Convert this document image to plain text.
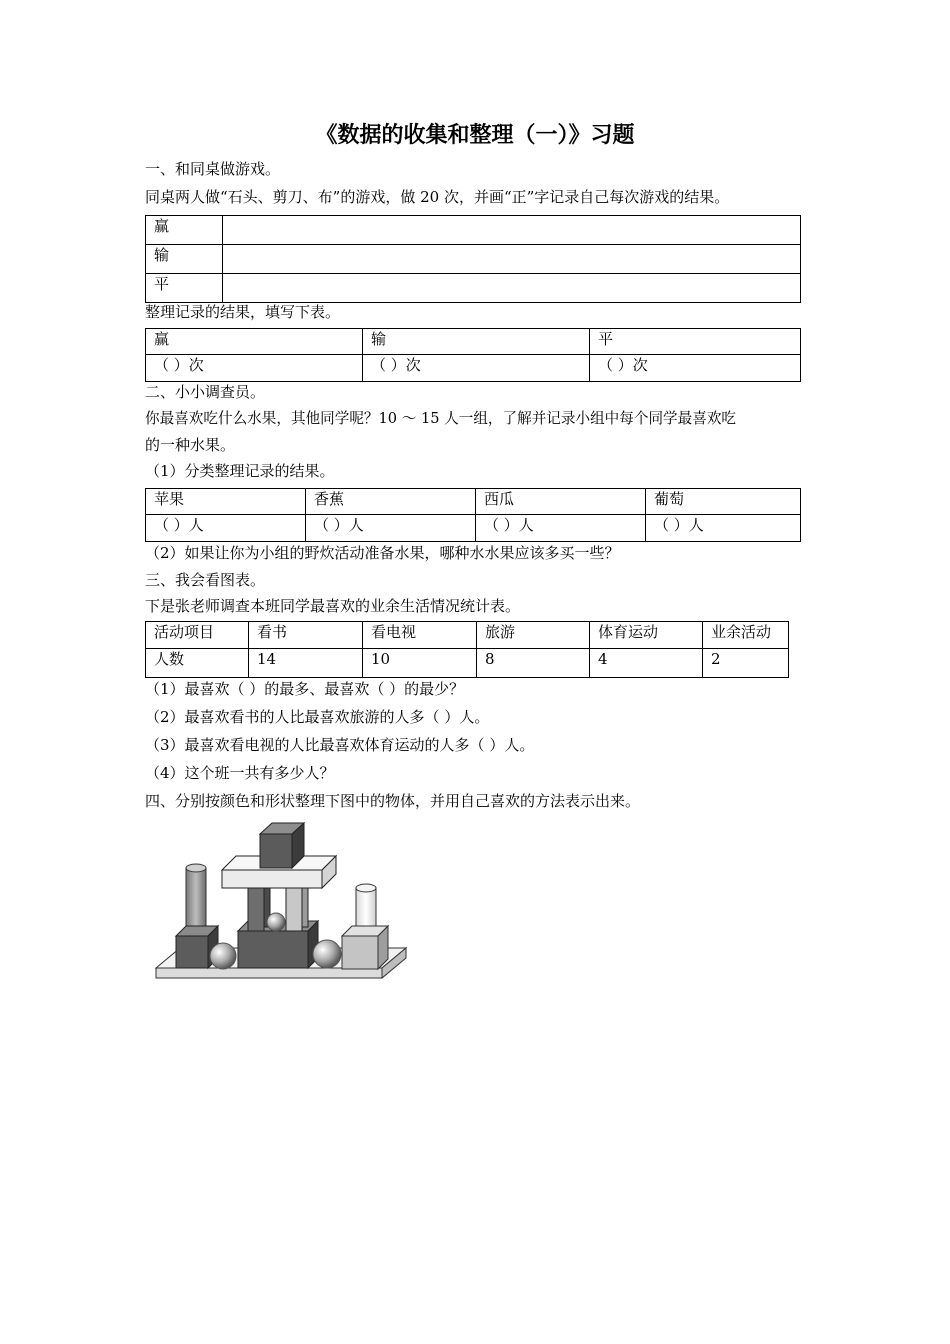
《数据的收集和整理（一）》习题
一、和同桌做游戏。
同桌两人做“石头、剪刀、布”的游戏，做 20 次，并画“正”字记录自己每次游戏的结果。
赢	
输	
平	
整理记录的结果，填写下表。
赢	输	平
（ ）次	（ ）次	（ ）次
二、小小调查员。
你最喜欢吃什么水果，其他同学呢？10 ～ 15 人一组，了解并记录小组中每个同学最喜欢吃
的一种水果。
（1）分类整理记录的结果。
苹果	香蕉	西瓜	葡萄
（ ）人	（ ）人	（ ）人	（ ）人
（2）如果让你为小组的野炊活动准备水果，哪种水水果应该多买一些？
三、我会看图表。
下是张老师调查本班同学最喜欢的业余生活情况统计表。
活动项目	看书	看电视	旅游	体育运动	业余活动
人数	14	10	8	4	2
（1）最喜欢（ ）的最多、最喜欢（ ）的最少？
（2）最喜欢看书的人比最喜欢旅游的人多（ ）人。
（3）最喜欢看电视的人比最喜欢体育运动的人多（ ）人。
（4）这个班一共有多少人？
四、分别按颜色和形状整理下图中的物体，并用自己喜欢的方法表示出来。
